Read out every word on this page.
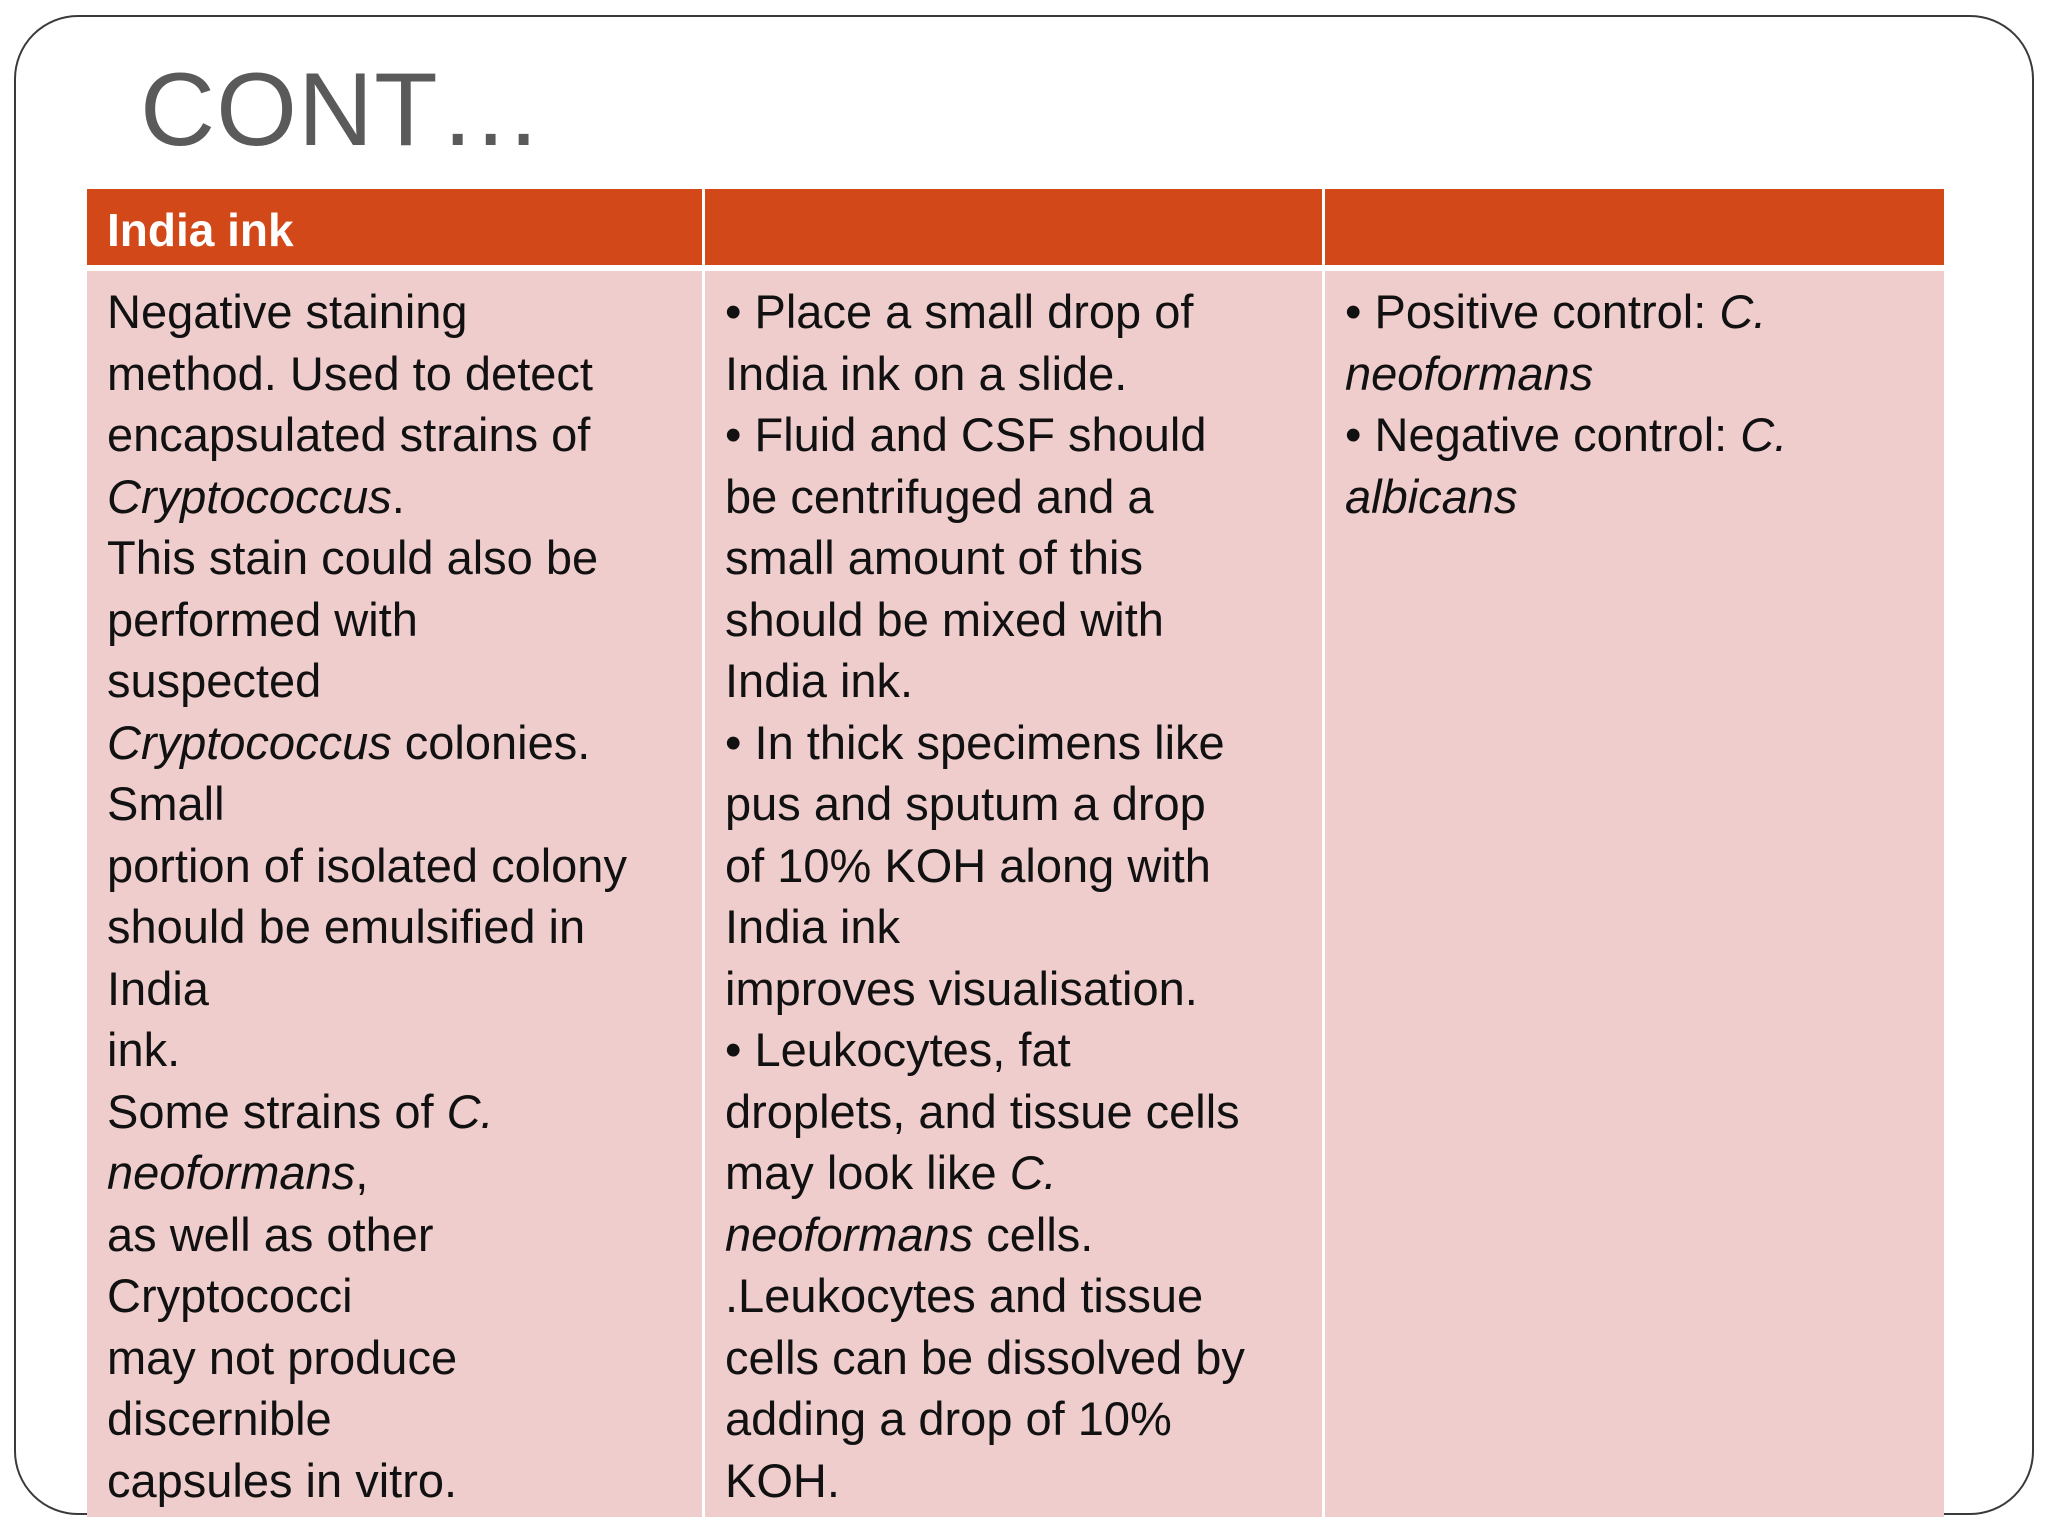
CONT…
India ink

Negative staining

method. Used to detect

encapsulated strains of

Cryptococcus.

This stain could also be

performed with

suspected

Cryptococcus colonies.

Small

portion of isolated colony

should be emulsified in

India

ink.

Some strains of C.

neoformans,

as well as other

Cryptococci

may not produce

discernible

capsules in vitro.

• Place a small drop of

India ink on a slide.

• Fluid and CSF should

be centrifuged and a

small amount of this

should be mixed with

India ink.

• In thick specimens like

pus and sputum a drop

of 10% KOH along with

India ink

improves visualisation.

• Leukocytes, fat

droplets, and tissue cells

may look like C.

neoformans cells.

.Leukocytes and tissue

cells can be dissolved by

adding a drop of 10%

KOH.

• Positive control: C.

neoformans

• Negative control: C.

albicans
